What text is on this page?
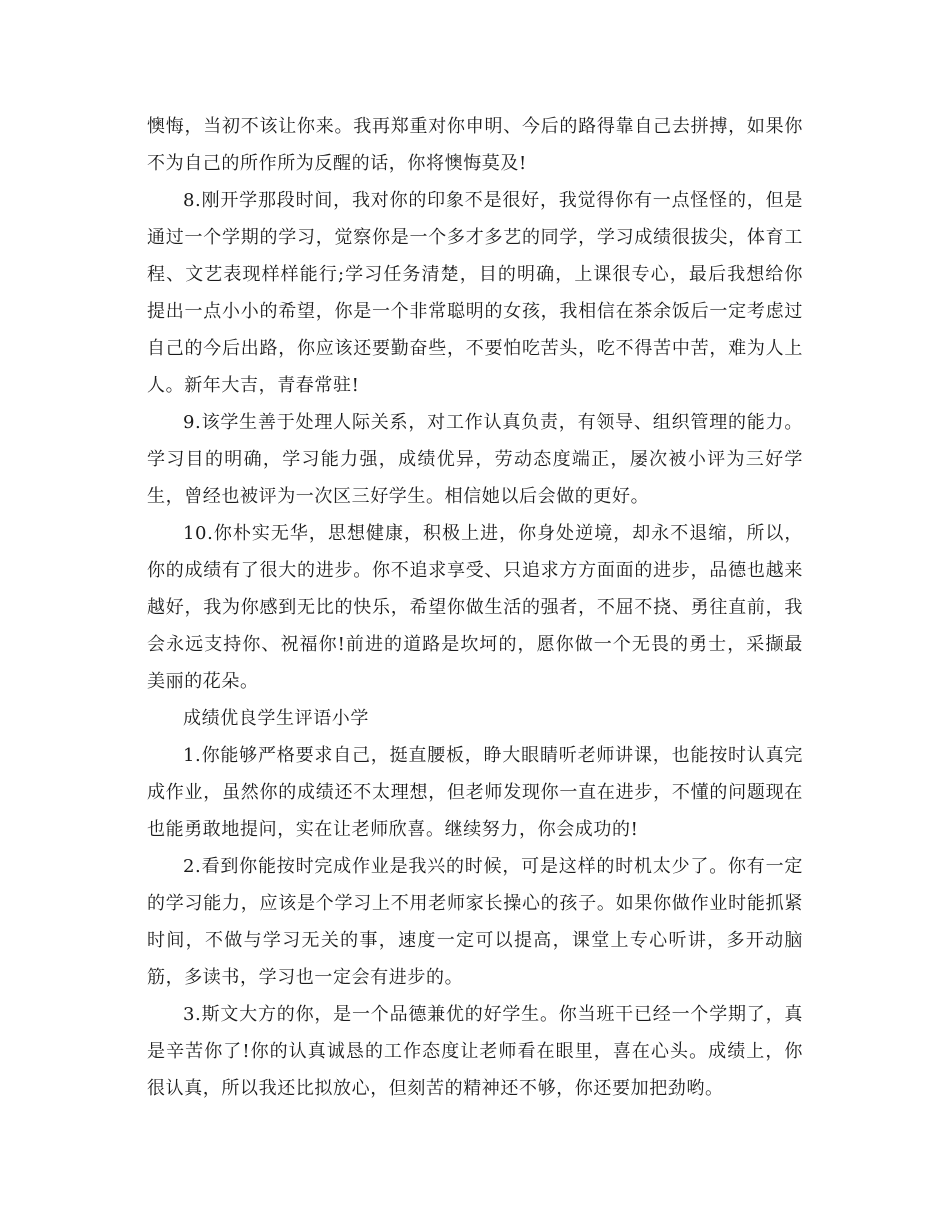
懊悔，当初不该让你来。我再郑重对你申明、今后的路得靠自己去拼搏，如果你不为自己的所作所为反醒的话，你将懊悔莫及!

8.刚开学那段时间，我对你的印象不是很好，我觉得你有一点怪怪的，但是通过一个学期的学习，觉察你是一个多才多艺的同学，学习成绩很拔尖，体育工程、文艺表现样样能行;学习任务清楚，目的明确，上课很专心，最后我想给你提出一点小小的希望，你是一个非常聪明的女孩，我相信在茶余饭后一定考虑过自己的今后出路，你应该还要勤奋些，不要怕吃苦头，吃不得苦中苦，难为人上人。新年大吉，青春常驻!

9.该学生善于处理人际关系，对工作认真负责，有领导、组织管理的能力。学习目的明确，学习能力强，成绩优异，劳动态度端正，屡次被小评为三好学生，曾经也被评为一次区三好学生。相信她以后会做的更好。

10.你朴实无华，思想健康，积极上进，你身处逆境，却永不退缩，所以，你的成绩有了很大的进步。你不追求享受、只追求方方面面的进步，品德也越来越好，我为你感到无比的快乐，希望你做生活的强者，不屈不挠、勇往直前，我会永远支持你、祝福你!前进的道路是坎坷的，愿你做一个无畏的勇士，采撷最美丽的花朵。

成绩优良学生评语小学

1.你能够严格要求自己，挺直腰板，睁大眼睛听老师讲课，也能按时认真完成作业，虽然你的成绩还不太理想，但老师发现你一直在进步，不懂的问题现在也能勇敢地提问，实在让老师欣喜。继续努力，你会成功的!

2.看到你能按时完成作业是我兴的时候，可是这样的时机太少了。你有一定的学习能力，应该是个学习上不用老师家长操心的孩子。如果你做作业时能抓紧时间，不做与学习无关的事，速度一定可以提高，课堂上专心听讲，多开动脑筋，多读书，学习也一定会有进步的。

3.斯文大方的你，是一个品德兼优的好学生。你当班干已经一个学期了，真是辛苦你了!你的认真诚恳的工作态度让老师看在眼里，喜在心头。成绩上，你很认真，所以我还比拟放心，但刻苦的精神还不够，你还要加把劲哟。
